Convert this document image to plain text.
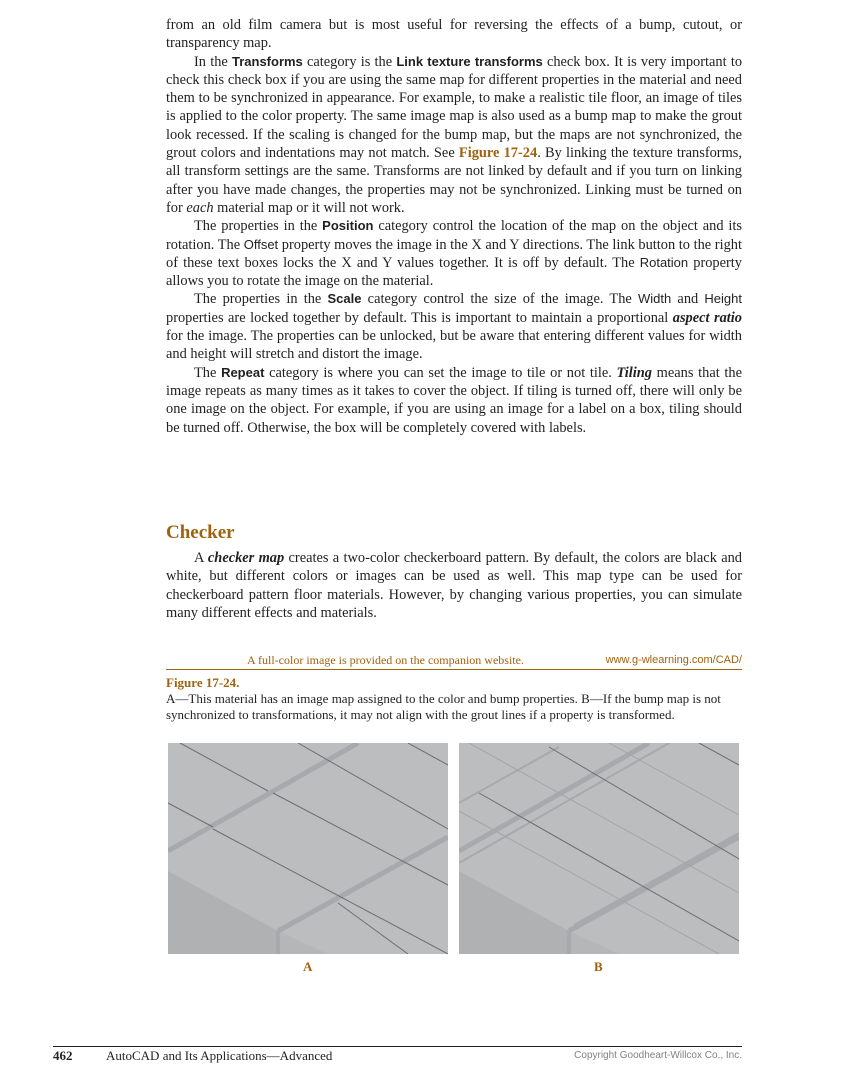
from an old film camera but is most useful for reversing the effects of a bump, cutout, or transparency map.

In the Transforms category is the Link texture transforms check box. It is very important to check this check box if you are using the same map for different properties in the material and need them to be synchronized in appearance. For example, to make a realistic tile floor, an image of tiles is applied to the color property. The same image map is also used as a bump map to make the grout look recessed. If the scaling is changed for the bump map, but the maps are not synchronized, the grout colors and indentations may not match. See Figure 17-24. By linking the texture transforms, all transform settings are the same. Transforms are not linked by default and if you turn on linking after you have made changes, the properties may not be synchronized. Linking must be turned on for each material map or it will not work.

The properties in the Position category control the location of the map on the object and its rotation. The Offset property moves the image in the X and Y directions. The link button to the right of these text boxes locks the X and Y values together. It is off by default. The Rotation property allows you to rotate the image on the material.

The properties in the Scale category control the size of the image. The Width and Height properties are locked together by default. This is important to maintain a proportional aspect ratio for the image. The properties can be unlocked, but be aware that entering different values for width and height will stretch and distort the image.

The Repeat category is where you can set the image to tile or not tile. Tiling means that the image repeats as many times as it takes to cover the object. If tiling is turned off, there will only be one image on the object. For example, if you are using an image for a label on a box, tiling should be turned off. Otherwise, the box will be completely covered with labels.

Checker

A checker map creates a two-color checkerboard pattern. By default, the colors are black and white, but different colors or images can be used as well. This map type can be used for checkerboard pattern floor materials. However, by changing various properties, you can simulate many different effects and materials.

A full-color image is provided on the companion website.	www.g-wlearning.com/CAD/

Figure 17-24.

A—This material has an image map assigned to the color and bump properties. B—If the bump map is not synchronized to transformations, it may not align with the grout lines if a property is transformed.

A	B
462	AutoCAD and Its Applications—Advanced	Copyright Goodheart-Willcox Co., Inc.
